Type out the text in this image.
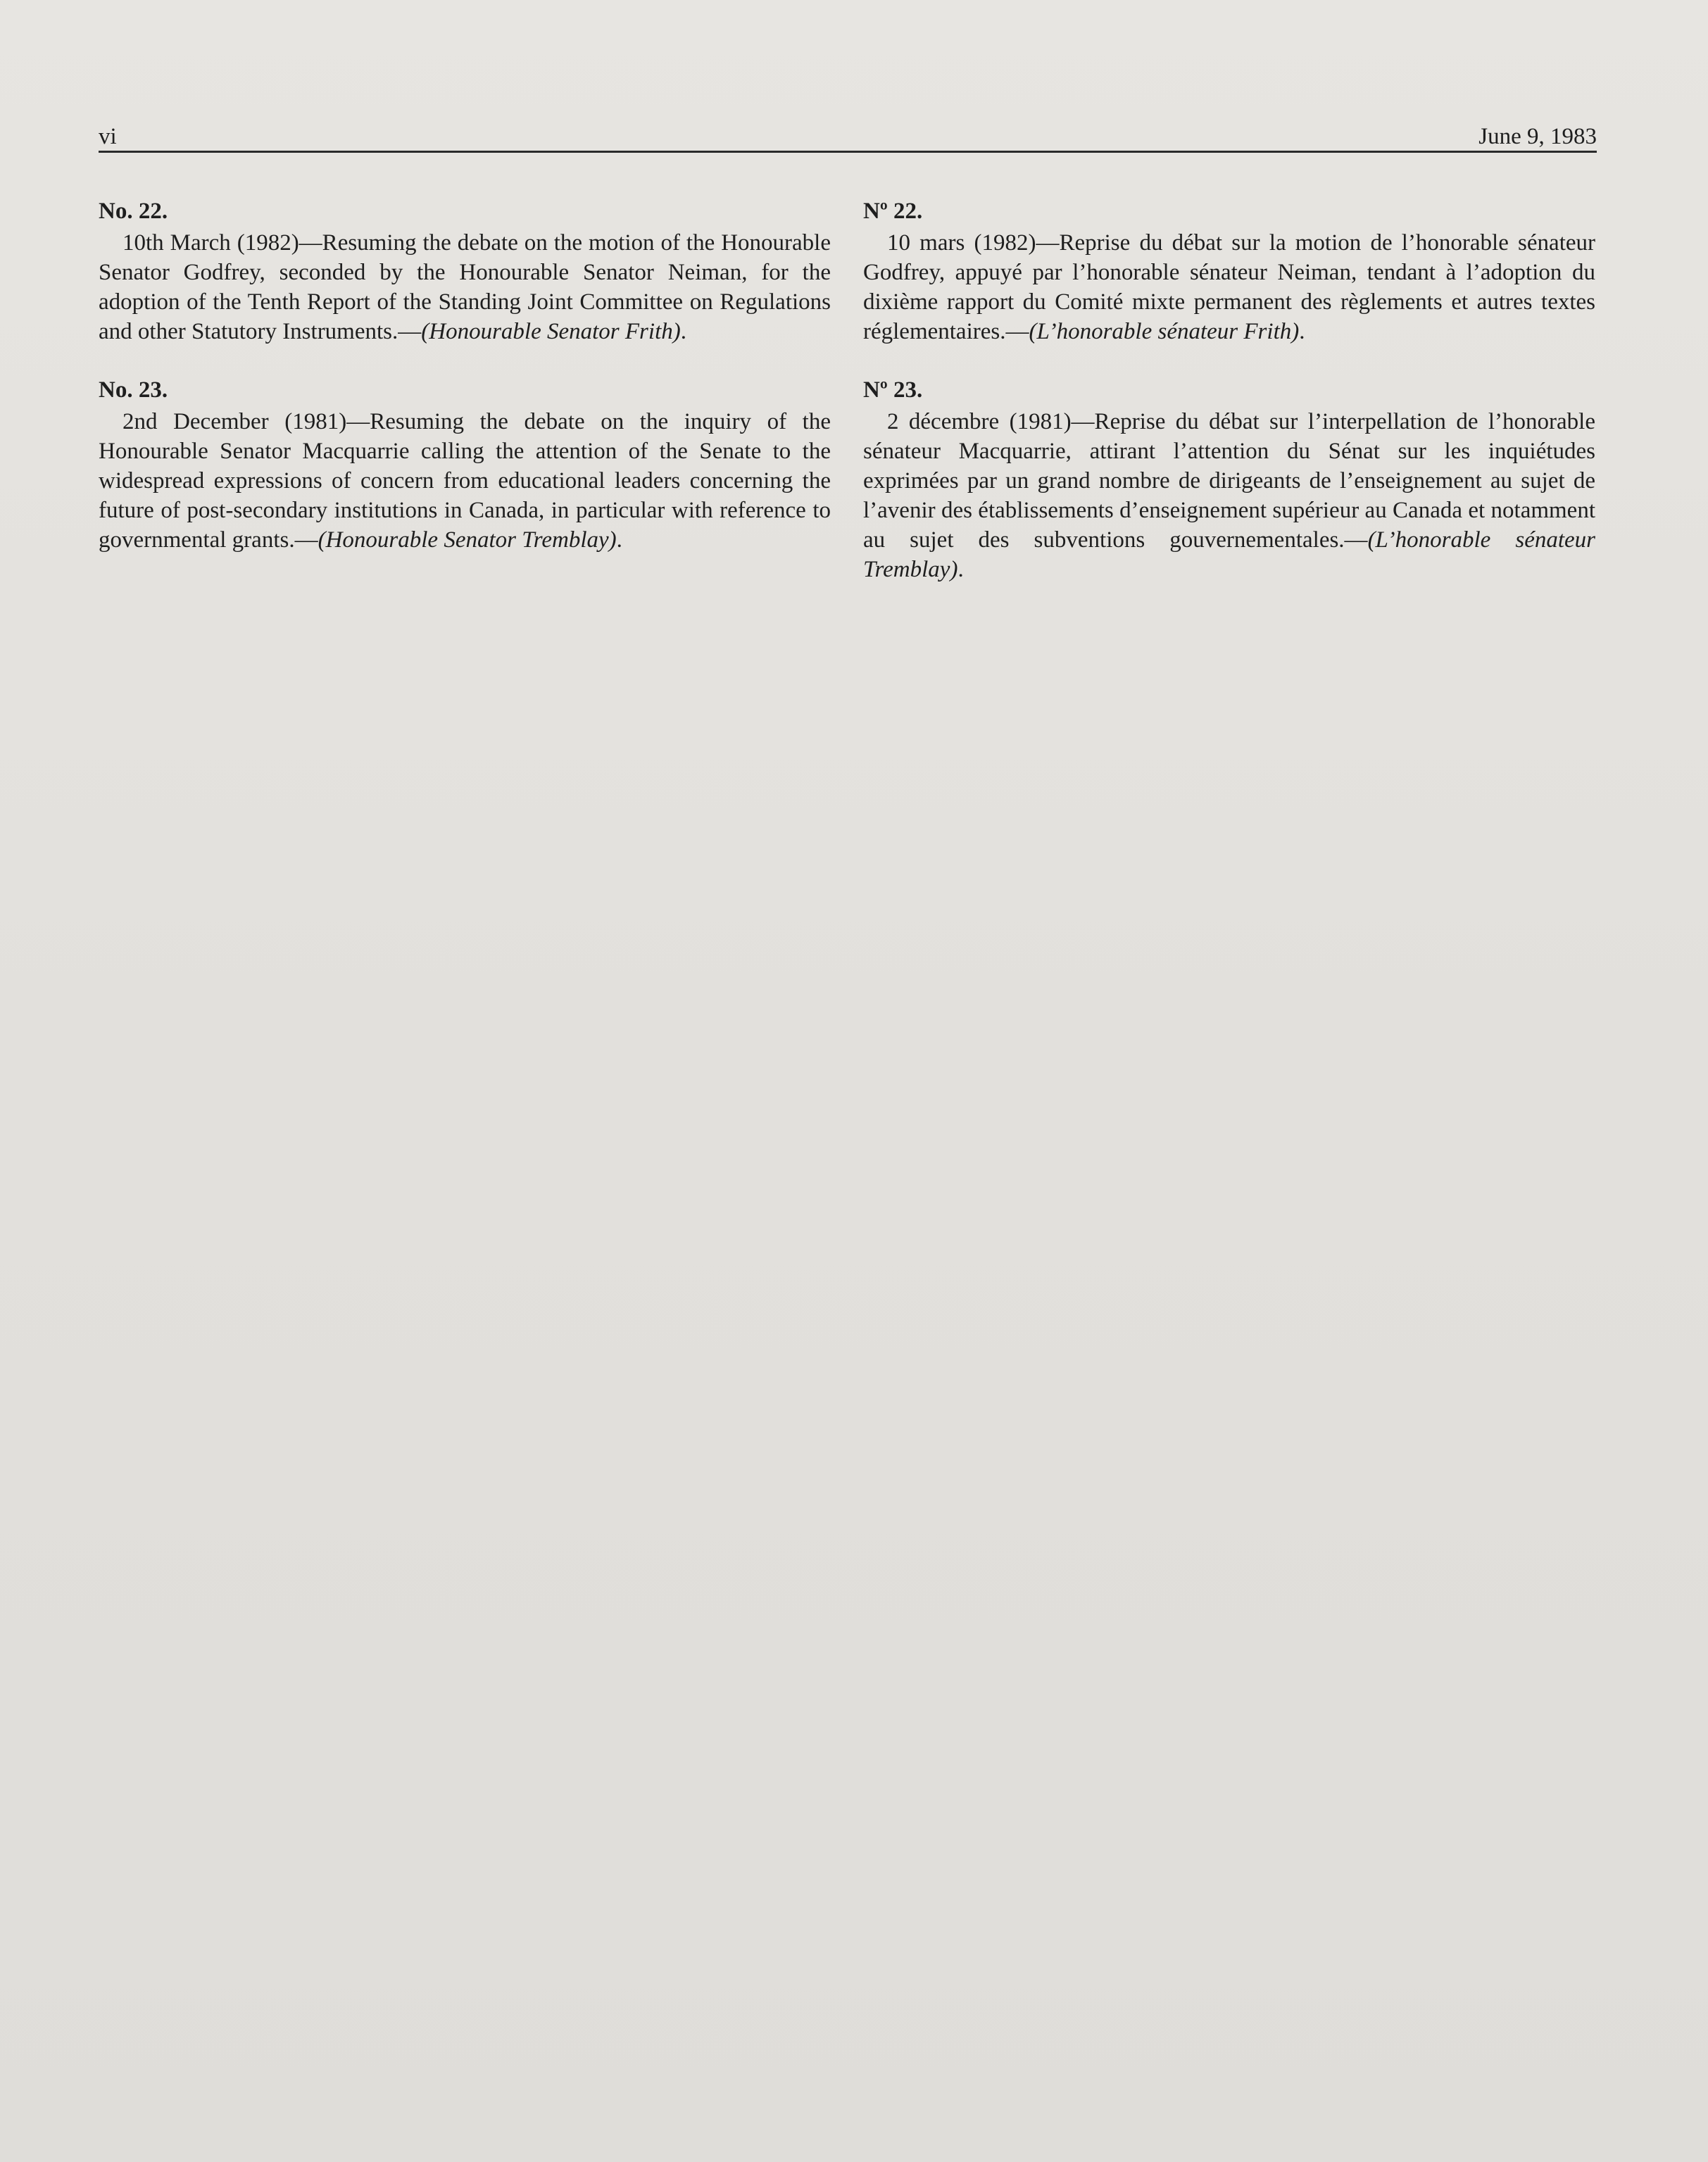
vi	June 9, 1983

No. 22.

10th March (1982)—Resuming the debate on the motion of the Honourable Senator Godfrey, seconded by the Honourable Senator Neiman, for the adoption of the Tenth Report of the Standing Joint Committee on Regulations and other Statutory Instruments.—(Honourable Senator Frith).

No. 23.

2nd December (1981)—Resuming the debate on the inquiry of the Honourable Senator Macquarrie calling the attention of the Senate to the widespread expressions of concern from educational leaders concerning the future of post-secondary institutions in Canada, in particular with reference to governmental grants.—(Honourable Senator Tremblay).

Nº 22.

10 mars (1982)—Reprise du débat sur la motion de l’honorable sénateur Godfrey, appuyé par l’honorable sénateur Neiman, tendant à l’adoption du dixième rapport du Comité mixte permanent des règlements et autres textes réglementaires.—(L’honorable sénateur Frith).

Nº 23.

2 décembre (1981)—Reprise du débat sur l’interpellation de l’honorable sénateur Macquarrie, attirant l’attention du Sénat sur les inquiétudes exprimées par un grand nombre de dirigeants de l’enseignement au sujet de l’avenir des établissements d’enseignement supérieur au Canada et notamment au sujet des subventions gouvernementales.—(L’honorable sénateur Tremblay).
